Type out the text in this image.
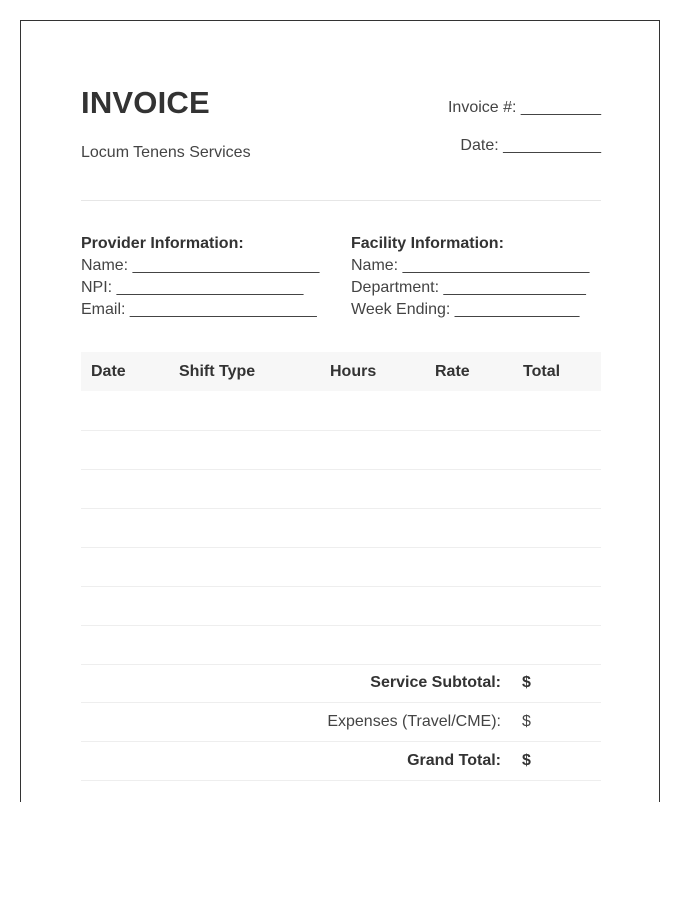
INVOICE
Locum Tenens Services
Invoice #: _________
Date: ___________
Provider Information:
Name: _____________________
NPI: _____________________
Email: _____________________
Facility Information:
Name: _____________________
Department: ________________
Week Ending: ______________
Date	Shift Type	Hours	Rate	Total

Service Subtotal: $
Expenses (Travel/CME): $
Grand Total: $
